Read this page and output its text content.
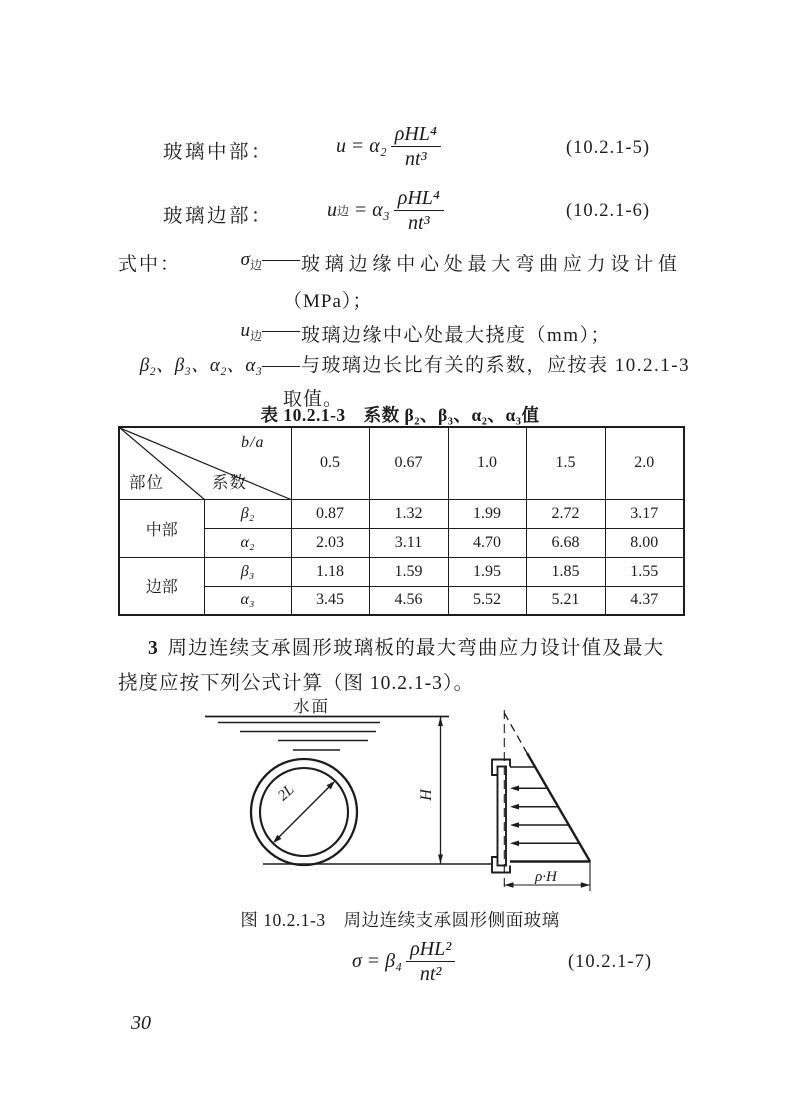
玻璃中部：	$u = \alpha_2 \frac{\text{ρHL⁴}}{\text{nt³}}$	(10.2.1-5)
玻璃边部：	u 边 = $\alpha_3 \frac{\text{ρHL⁴}}{\text{nt³}}$	(10.2.1-6)
式中：	$\sigma_边——$ 玻璃边缘中心处最大弯曲应力设计值
（MPa）；
$u_边——$ 玻璃边缘中心处最大挠度（mm）；
β₂、β₃、α₂、α₃—— 与玻璃边长比有关的系数，应按表 10.2.1-3
取值。
表 10.2.1-3　系数 β₂、β₃、α₂、α₃值
b/a
部位 系数		0.5	0.67	1.0	1.5	2.0
中部	β₂	0.87	1.32	1.99	2.72	3.17
	α₂	2.03	3.11	4.70	6.68	8.00
边部	β₃	1.18	1.59	1.95	1.85	1.55
	α₃	3.45	4.56	5.52	5.21	4.37
3 周边连续支承圆形玻璃板的最大弯曲应力设计值及最大
挠度应按下列公式计算（图 10.2.1-3）。
水面
2L	H
ρ·H
图 10.2.1-3　周边连续支承圆形侧面玻璃
$\sigma = \beta_4 \frac{\text{ρHL²}}{\text{nt²}}$	(10.2.1-7)
30
